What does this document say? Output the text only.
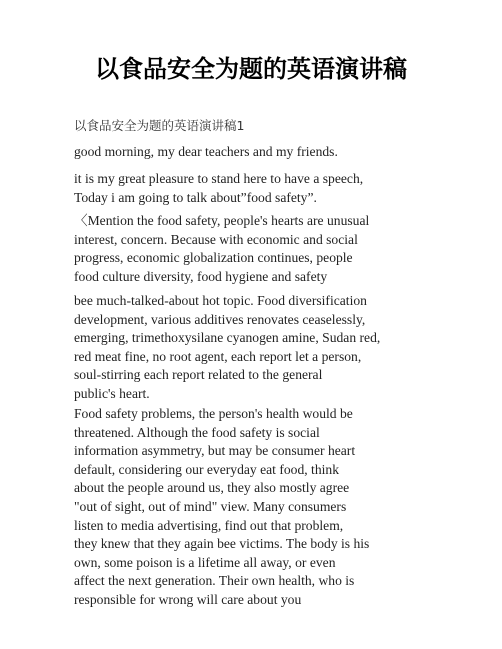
以食品安全为题的英语演讲稿

以食品安全为题的英语演讲稿1

good morning, my dear teachers and my friends.

it is my great pleasure to stand here to have a speech,
Today i am going to talk about”food safety”.

〈Mention the food safety, people's hearts are unusual
interest, concern. Because with economic and social
progress, economic globalization continues, people
food culture diversity, food hygiene and safety

bee much-talked-about hot topic. Food diversification
development, various additives renovates ceaselessly,
emerging, trimethoxysilane cyanogen amine, Sudan red,
red meat fine, no root agent, each report let a person,
soul-stirring each report related to the general
public's heart.

Food safety problems, the person's health would be
threatened. Although the food safety is social
information asymmetry, but may be consumer heart
default, considering our everyday eat food, think
about the people around us, they also mostly agree
"out of sight, out of mind" view. Many consumers
listen to media advertising, find out that problem,
they knew that they again bee victims. The body is his
own, some poison is a lifetime all away, or even
affect the next generation. Their own health, who is
responsible for wrong will care about you
